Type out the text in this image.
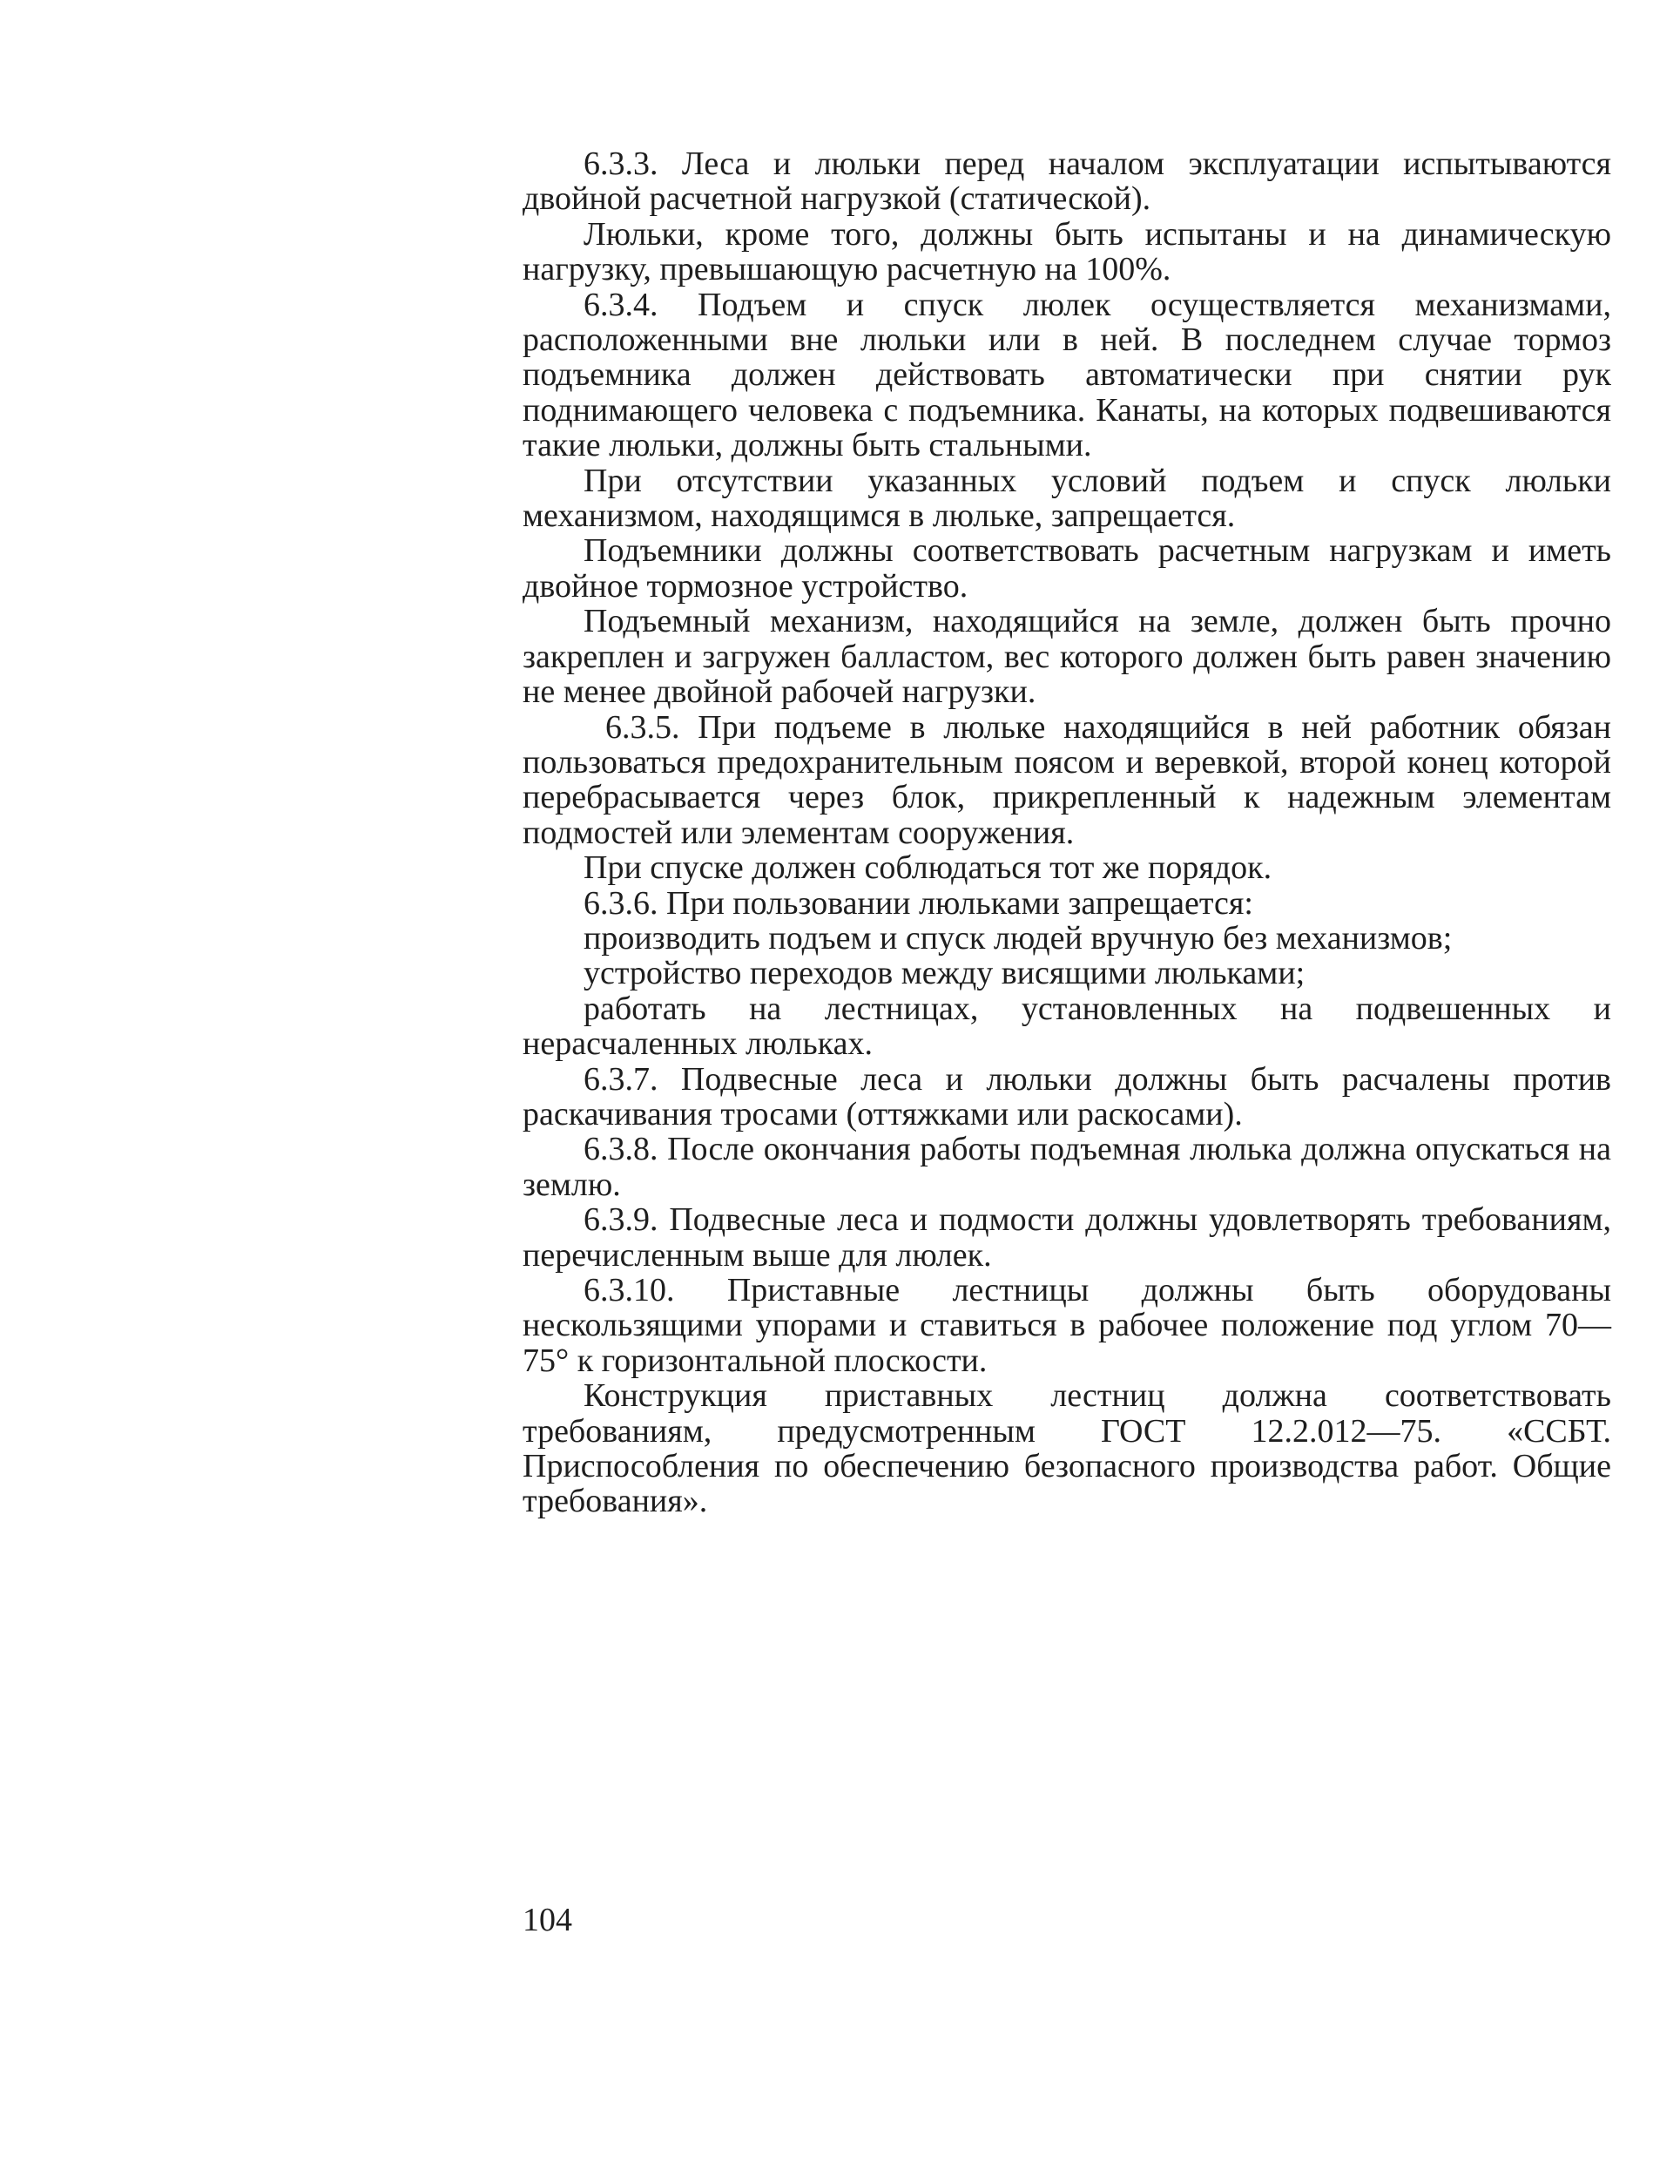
6.3.3. Леса и люльки перед началом эксплуатации испытываются двойной расчетной нагрузкой (статической).

Люльки, кроме того, должны быть испытаны и на динамическую нагрузку, превышающую расчетную на 100%.

6.3.4. Подъем и спуск люлек осуществляется механизмами, расположенными вне люльки или в ней. В последнем случае тормоз подъемника должен действовать автоматически при снятии рук поднимающего человека с подъемника. Канаты, на которых подвешиваются такие люльки, должны быть стальными.

При отсутствии указанных условий подъем и спуск люльки механизмом, находящимся в люльке, запрещается.

Подъемники должны соответствовать расчетным нагрузкам и иметь двойное тормозное устройство.

Подъемный механизм, находящийся на земле, должен быть прочно закреплен и загружен балластом, вес которого должен быть равен значению не менее двойной рабочей нагрузки.

6.3.5. При подъеме в люльке находящийся в ней работник обязан пользоваться предохранительным поясом и веревкой, второй конец которой перебрасывается через блок, прикрепленный к надежным элементам подмостей или элементам сооружения.

При спуске должен соблюдаться тот же порядок.

6.3.6. При пользовании люльками запрещается:

производить подъем и спуск людей вручную без механизмов;

устройство переходов между висящими люльками;

работать на лестницах, установленных на подвешенных и нерасчаленных люльках.

6.3.7. Подвесные леса и люльки должны быть расчалены против раскачивания тросами (оттяжками или раскосами).

6.3.8. После окончания работы подъемная люлька должна опускаться на землю.

6.3.9. Подвесные леса и подмости должны удовлетворять требованиям, перечисленным выше для люлек.

6.3.10. Приставные лестницы должны быть оборудованы нескользящими упорами и ставиться в рабочее положение под углом 70—75° к горизонтальной плоскости.

Конструкция приставных лестниц должна соответствовать требованиям, предусмотренным ГОСТ 12.2.012—75. «ССБТ. Приспособления по обеспечению безопасного производства работ. Общие требования».

104
